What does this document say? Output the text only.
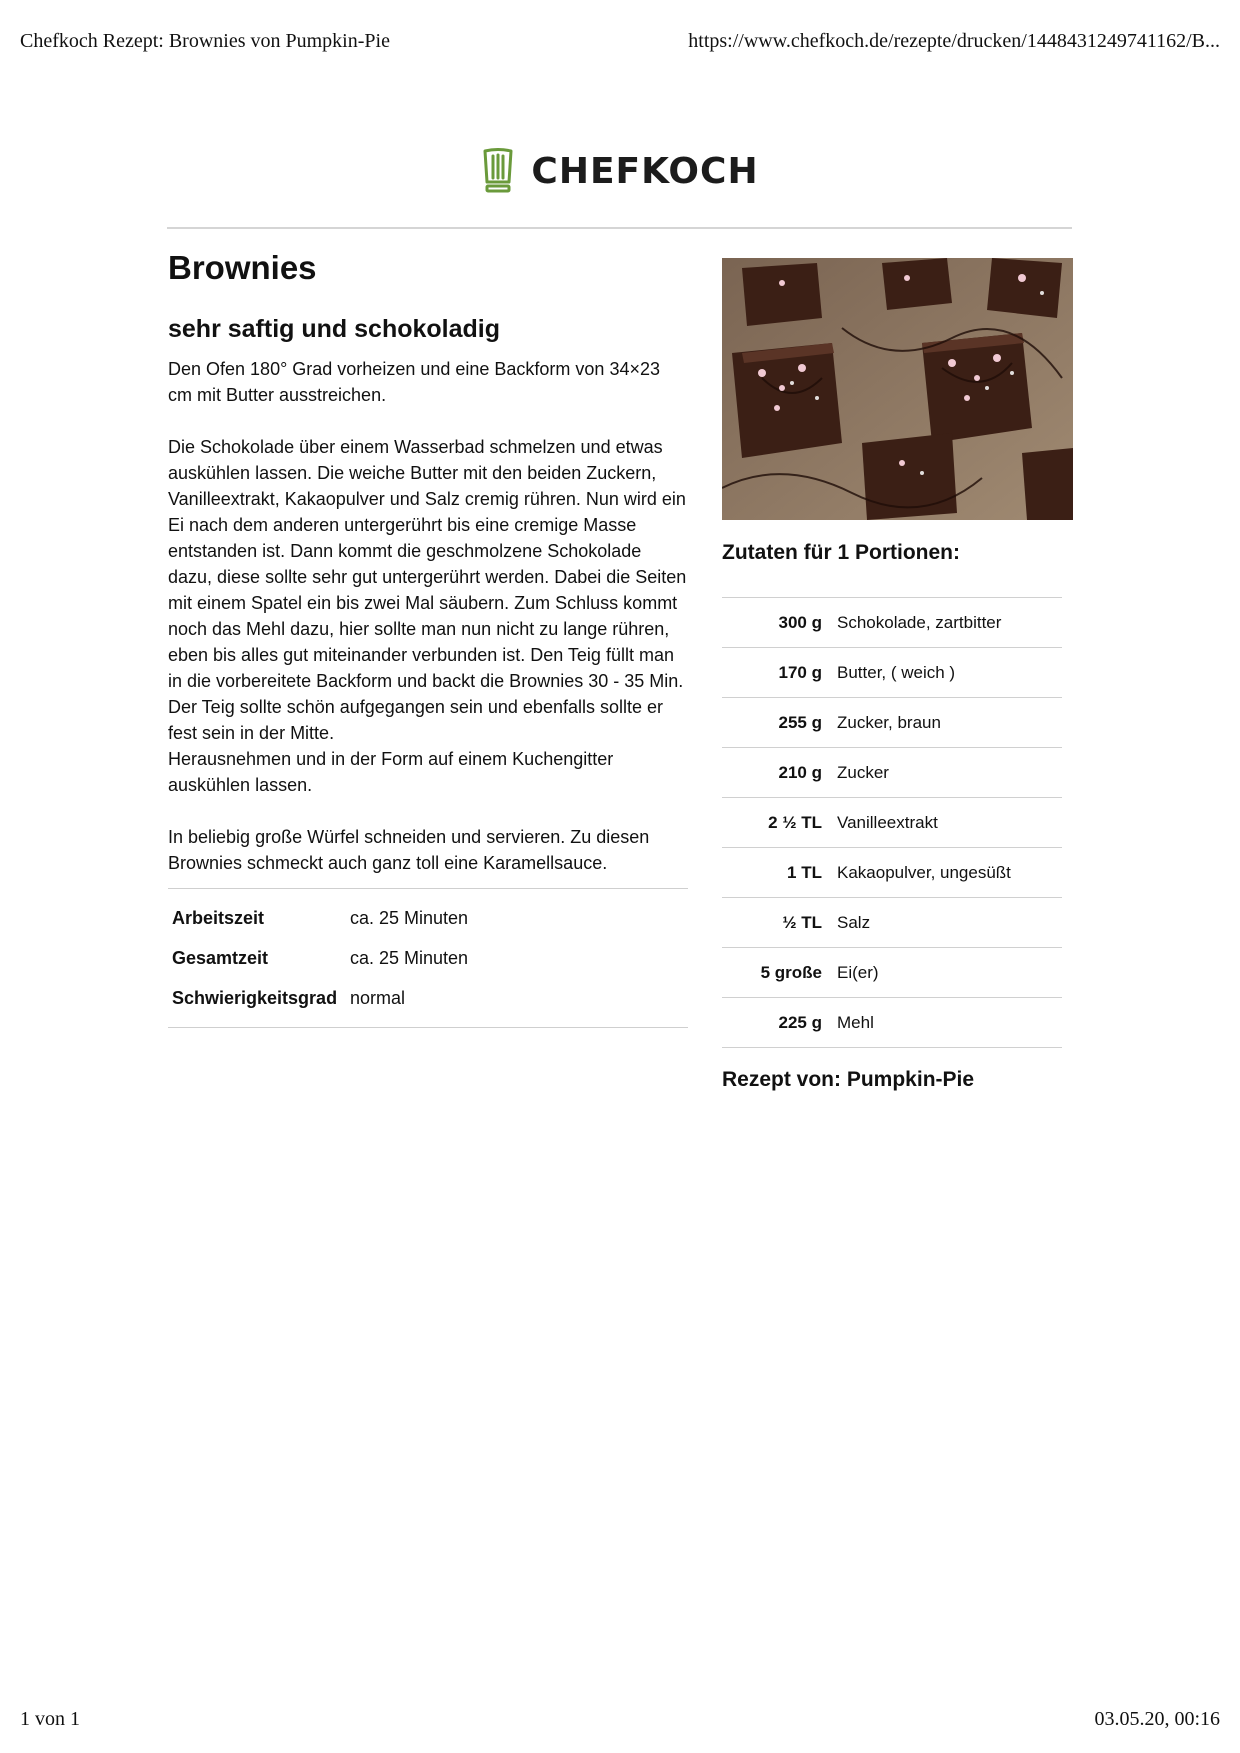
Chefkoch Rezept: Brownies von Pumpkin-Pie	https://www.chefkoch.de/rezepte/drucken/1448431249741162/B...
CHEFKOCH
Brownies
sehr saftig und schokoladig

Den Ofen 180° Grad vorheizen und eine Backform von 34×23 cm mit Butter ausstreichen.

Die Schokolade über einem Wasserbad schmelzen und etwas auskühlen lassen. Die weiche Butter mit den beiden Zuckern, Vanilleextrakt, Kakaopulver und Salz cremig rühren. Nun wird ein Ei nach dem anderen untergerührt bis eine cremige Masse entstanden ist. Dann kommt die geschmolzene Schokolade dazu, diese sollte sehr gut untergerührt werden. Dabei die Seiten mit einem Spatel ein bis zwei Mal säubern. Zum Schluss kommt noch das Mehl dazu, hier sollte man nun nicht zu lange rühren, eben bis alles gut miteinander verbunden ist. Den Teig füllt man in die vorbereitete Backform und backt die Brownies 30 - 35 Min. Der Teig sollte schön aufgegangen sein und ebenfalls sollte er fest sein in der Mitte.

Herausnehmen und in der Form auf einem Kuchengitter auskühlen lassen.

In beliebig große Würfel schneiden und servieren. Zu diesen Brownies schmeckt auch ganz toll eine Karamellsauce.

Arbeitszeit	ca. 25 Minuten
Gesamtzeit	ca. 25 Minuten
Schwierigkeitsgrad	normal
Zutaten für 1 Portionen:
300 g	Schokolade, zartbitter
170 g	Butter, ( weich )
255 g	Zucker, braun
210 g	Zucker
2 ½ TL	Vanilleextrakt
1 TL	Kakaopulver, ungesüßt
½ TL	Salz
5 große	Ei(er)
225 g	Mehl
Rezept von: Pumpkin-Pie
1 von 1	03.05.20, 00:16
